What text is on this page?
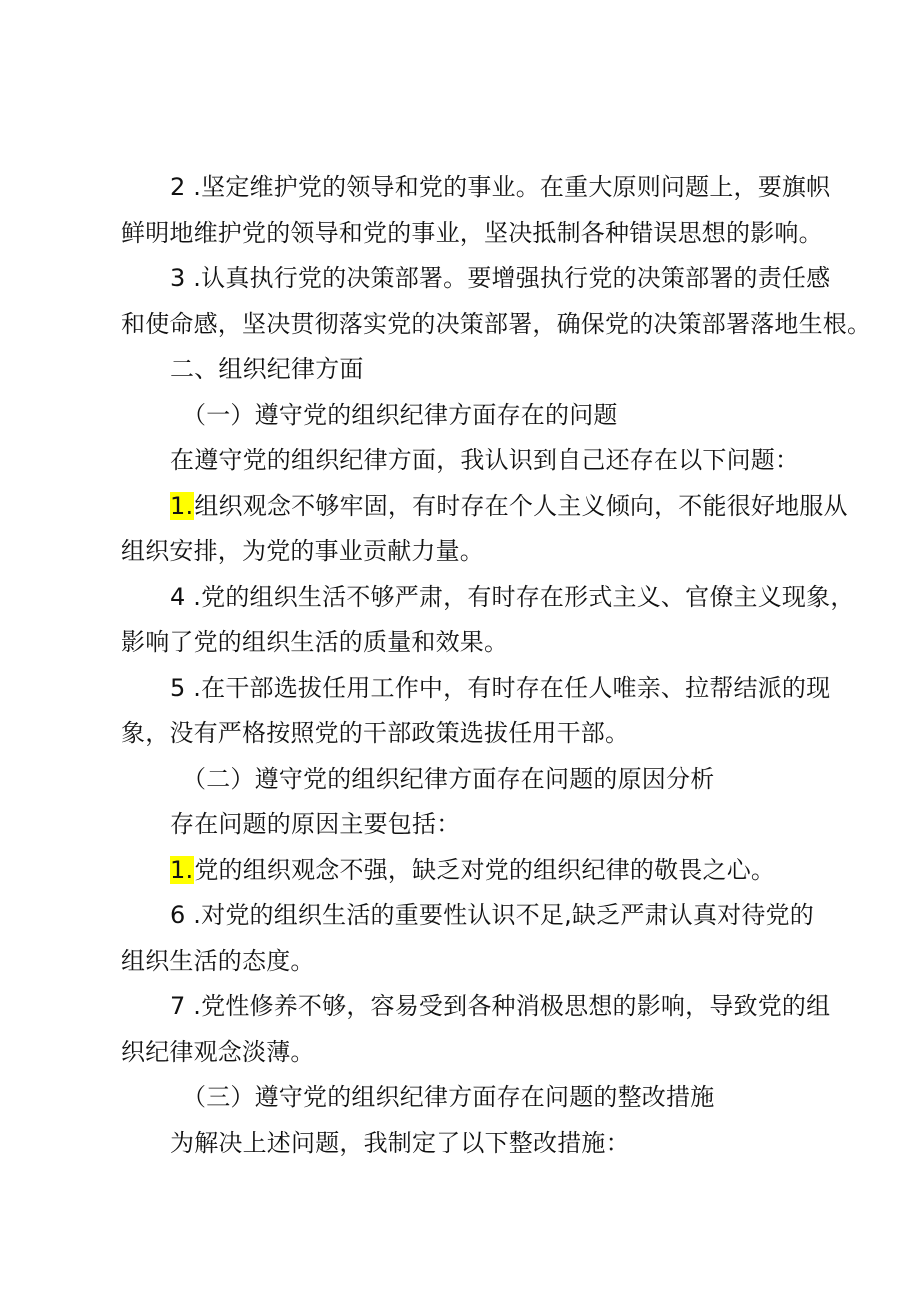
2 .坚定维护党的领导和党的事业。在重大原则问题上，要旗帜
鲜明地维护党的领导和党的事业，坚决抵制各种错误思想的影响。
3 .认真执行党的决策部署。要增强执行党的决策部署的责任感
和使命感，坚决贯彻落实党的决策部署，确保党的决策部署落地生根。
二、组织纪律方面
（一）遵守党的组织纪律方面存在的问题
在遵守党的组织纪律方面，我认识到自己还存在以下问题：
1.组织观念不够牢固，有时存在个人主义倾向，不能很好地服从
组织安排，为党的事业贡献力量。
4 .党的组织生活不够严肃，有时存在形式主义、官僚主义现象，
影响了党的组织生活的质量和效果。
5 .在干部选拔任用工作中，有时存在任人唯亲、拉帮结派的现
象，没有严格按照党的干部政策选拔任用干部。
（二）遵守党的组织纪律方面存在问题的原因分析
存在问题的原因主要包括：
1.党的组织观念不强，缺乏对党的组织纪律的敬畏之心。
6 .对党的组织生活的重要性认识不足,缺乏严肃认真对待党的
组织生活的态度。
7 .党性修养不够，容易受到各种消极思想的影响，导致党的组
织纪律观念淡薄。
（三）遵守党的组织纪律方面存在问题的整改措施
为解决上述问题，我制定了以下整改措施：
